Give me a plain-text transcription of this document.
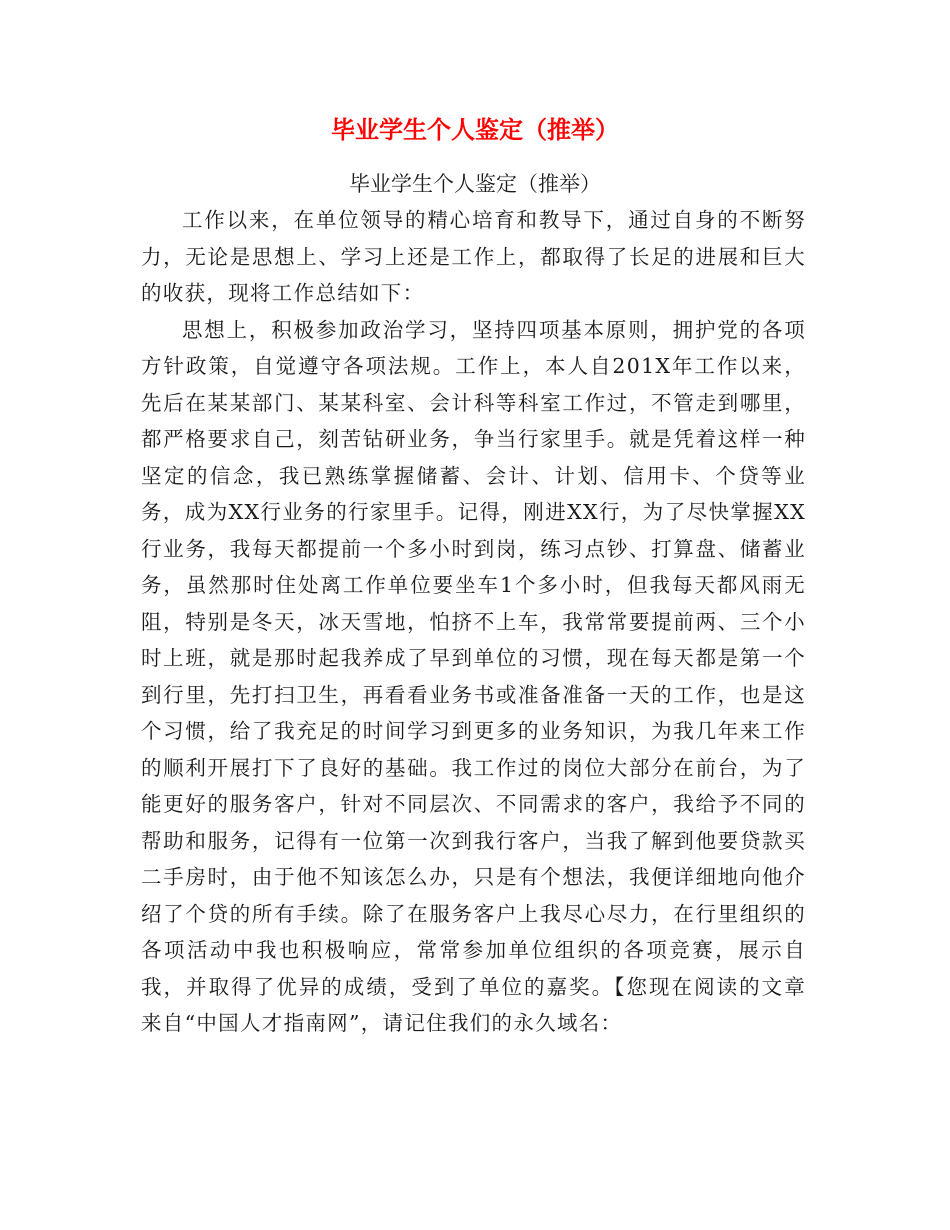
毕业学生个人鉴定（推举）
毕业学生个人鉴定（推举）

工作以来，在单位领导的精心培育和教导下，通过自身的不断努力，无论是思想上、学习上还是工作上，都取得了长足的进展和巨大的收获，现将工作总结如下：

思想上，积极参加政治学习，坚持四项基本原则，拥护党的各项方针政策，自觉遵守各项法规。工作上，本人自201X年工作以来，先后在某某部门、某某科室、会计科等科室工作过，不管走到哪里，都严格要求自己，刻苦钻研业务，争当行家里手。就是凭着这样一种坚定的信念，我已熟练掌握储蓄、会计、计划、信用卡、个贷等业务，成为XX行业务的行家里手。记得，刚进XX行，为了尽快掌握XX行业务，我每天都提前一个多小时到岗，练习点钞、打算盘、储蓄业务，虽然那时住处离工作单位要坐车1个多小时，但我每天都风雨无阻，特别是冬天，冰天雪地，怕挤不上车，我常常要提前两、三个小时上班，就是那时起我养成了早到单位的习惯，现在每天都是第一个到行里，先打扫卫生，再看看业务书或准备准备一天的工作，也是这个习惯，给了我充足的时间学习到更多的业务知识，为我几年来工作的顺利开展打下了良好的基础。我工作过的岗位大部分在前台，为了能更好的服务客户，针对不同层次、不同需求的客户，我给予不同的帮助和服务，记得有一位第一次到我行客户，当我了解到他要贷款买二手房时，由于他不知该怎么办，只是有个想法，我便详细地向他介绍了个贷的所有手续。除了在服务客户上我尽心尽力，在行里组织的各项活动中我也积极响应，常常参加单位组织的各项竞赛，展示自我，并取得了优异的成绩，受到了单位的嘉奖。【您现在阅读的文章来自“中国人才指南网”，请记住我们的永久域名：
